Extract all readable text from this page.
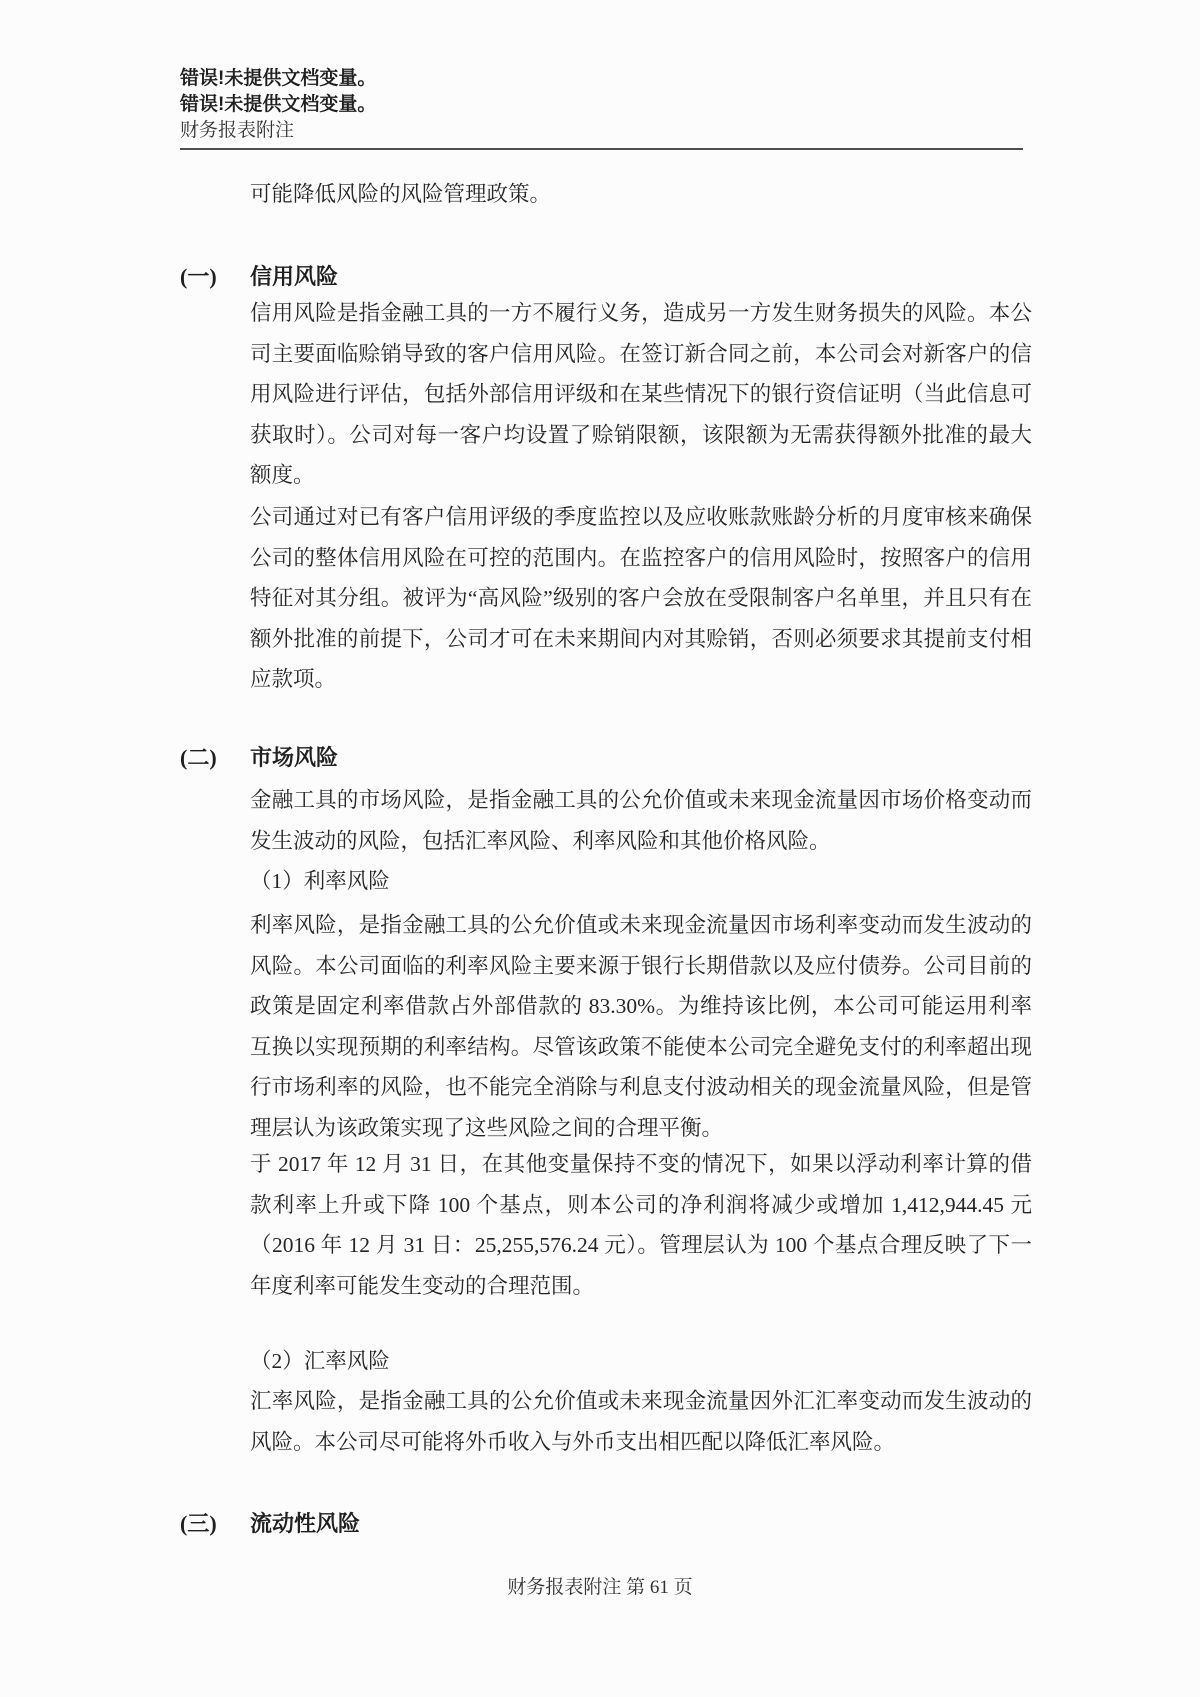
错误!未提供文档变量。
错误!未提供文档变量。
财务报表附注
可能降低风险的风险管理政策。
(一) 信用风险
信用风险是指金融工具的一方不履行义务，造成另一方发生财务损失的风险。本公
司主要面临赊销导致的客户信用风险。在签订新合同之前，本公司会对新客户的信
用风险进行评估，包括外部信用评级和在某些情况下的银行资信证明（当此信息可
获取时）。公司对每一客户均设置了赊销限额，该限额为无需获得额外批准的最大
额度。
公司通过对已有客户信用评级的季度监控以及应收账款账龄分析的月度审核来确保
公司的整体信用风险在可控的范围内。在监控客户的信用风险时，按照客户的信用
特征对其分组。被评为“高风险”级别的客户会放在受限制客户名单里，并且只有在
额外批准的前提下，公司才可在未来期间内对其赊销，否则必须要求其提前支付相
应款项。
(二) 市场风险
金融工具的市场风险，是指金融工具的公允价值或未来现金流量因市场价格变动而
发生波动的风险，包括汇率风险、利率风险和其他价格风险。
（1）利率风险
利率风险，是指金融工具的公允价值或未来现金流量因市场利率变动而发生波动的
风险。本公司面临的利率风险主要来源于银行长期借款以及应付债券。公司目前的
政策是固定利率借款占外部借款的 83.30%。为维持该比例，本公司可能运用利率
互换以实现预期的利率结构。尽管该政策不能使本公司完全避免支付的利率超出现
行市场利率的风险，也不能完全消除与利息支付波动相关的现金流量风险，但是管
理层认为该政策实现了这些风险之间的合理平衡。
于 2017 年 12 月 31 日，在其他变量保持不变的情况下，如果以浮动利率计算的借
款利率上升或下降 100 个基点，则本公司的净利润将减少或增加 1,412,944.45 元
（2016 年 12 月 31 日：25,255,576.24 元）。管理层认为 100 个基点合理反映了下一
年度利率可能发生变动的合理范围。
（2）汇率风险
汇率风险，是指金融工具的公允价值或未来现金流量因外汇汇率变动而发生波动的
风险。本公司尽可能将外币收入与外币支出相匹配以降低汇率风险。
(三) 流动性风险
财务报表附注 第 61 页
